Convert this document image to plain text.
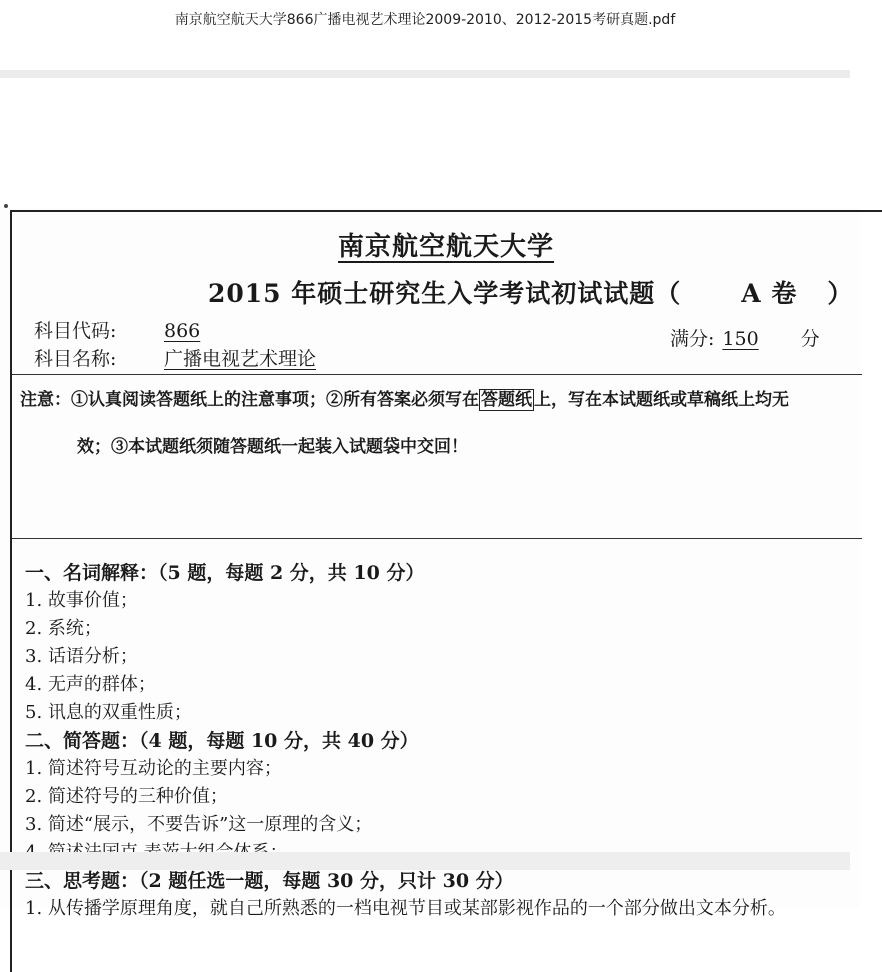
南京航空航天大学866广播电视艺术理论2009-2010、2012-2015考研真题.pdf
南京航空航天大学
2015 年硕士研究生入学考试初试试题（ A 卷 ）
科目代码:	866
科目名称:	广播电视艺术理论
满分: 150 分
注意：①认真阅读答题纸上的注意事项；②所有答案必须写在 答题纸 上，写在本试题纸或草稿纸上均无
效；③本试题纸须随答题纸一起装入试题袋中交回！
一、名词解释：（5 题，每题 2 分，共 10 分）
1. 故事价值；
2. 系统；
3. 话语分析；
4. 无声的群体；
5. 讯息的双重性质；
二、简答题：（4 题，每题 10 分，共 40 分）
1. 简述符号互动论的主要内容；
2. 简述符号的三种价值；
3. 简述“展示，不要告诉”这一原理的含义；
三、思考题：（2 题任选一题，每题 30 分，只计 30 分）
1. 从传播学原理角度，就自己所熟悉的一档电视节目或某部影视作品的一个部分做出文本分析。
